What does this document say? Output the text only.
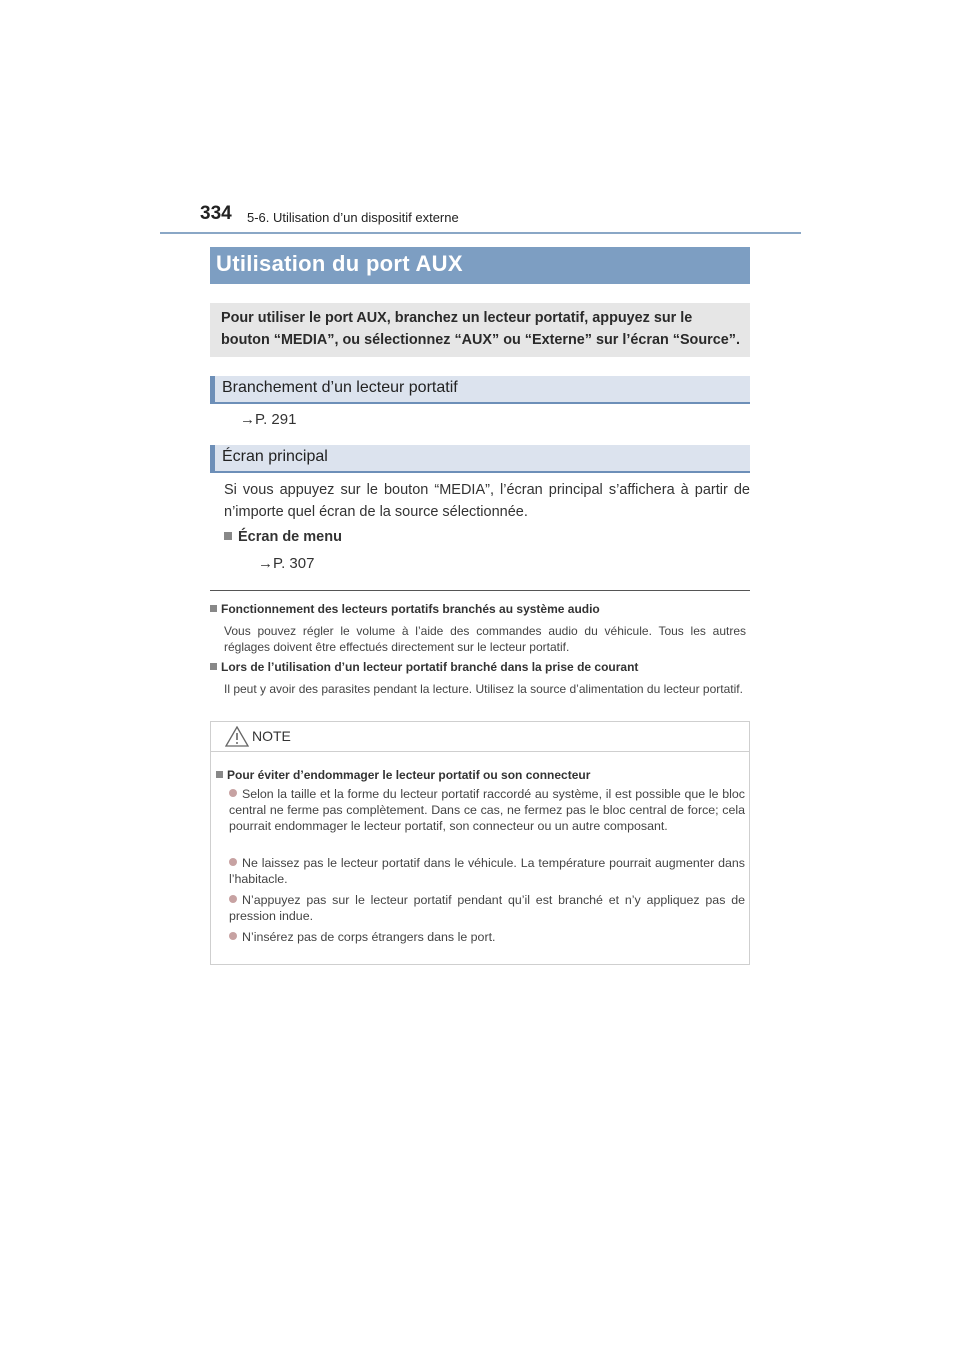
334 5-6. Utilisation d’un dispositif externe
Utilisation du port AUX

Pour utiliser le port AUX, branchez un lecteur portatif, appuyez sur le bouton “MEDIA”, ou sélectionnez “AUX” ou “Externe” sur l’écran “Source”.

Branchement d’un lecteur portatif
→P. 291
Écran principal

Si vous appuyez sur le bouton “MEDIA”, l’écran principal s’affichera à partir de n’importe quel écran de la source sélectionnée.

Écran de menu
→P. 307
Fonctionnement des lecteurs portatifs branchés au système audio

Vous pouvez régler le volume à l’aide des commandes audio du véhicule. Tous les autres réglages doivent être effectués directement sur le lecteur portatif.

Lors de l’utilisation d’un lecteur portatif branché dans la prise de courant

Il peut y avoir des parasites pendant la lecture. Utilisez la source d’alimentation du lecteur portatif.

NOTE
Pour éviter d’endommager le lecteur portatif ou son connecteur
Selon la taille et la forme du lecteur portatif raccordé au système, il est possible que le bloc central ne ferme pas complètement. Dans ce cas, ne fermez pas le bloc central de force; cela pourrait endommager le lecteur portatif, son connecteur ou un autre composant.
Ne laissez pas le lecteur portatif dans le véhicule. La température pourrait augmenter dans l’habitacle.
N’appuyez pas sur le lecteur portatif pendant qu’il est branché et n’y appliquez pas de pression indue.
N’insérez pas de corps étrangers dans le port.
